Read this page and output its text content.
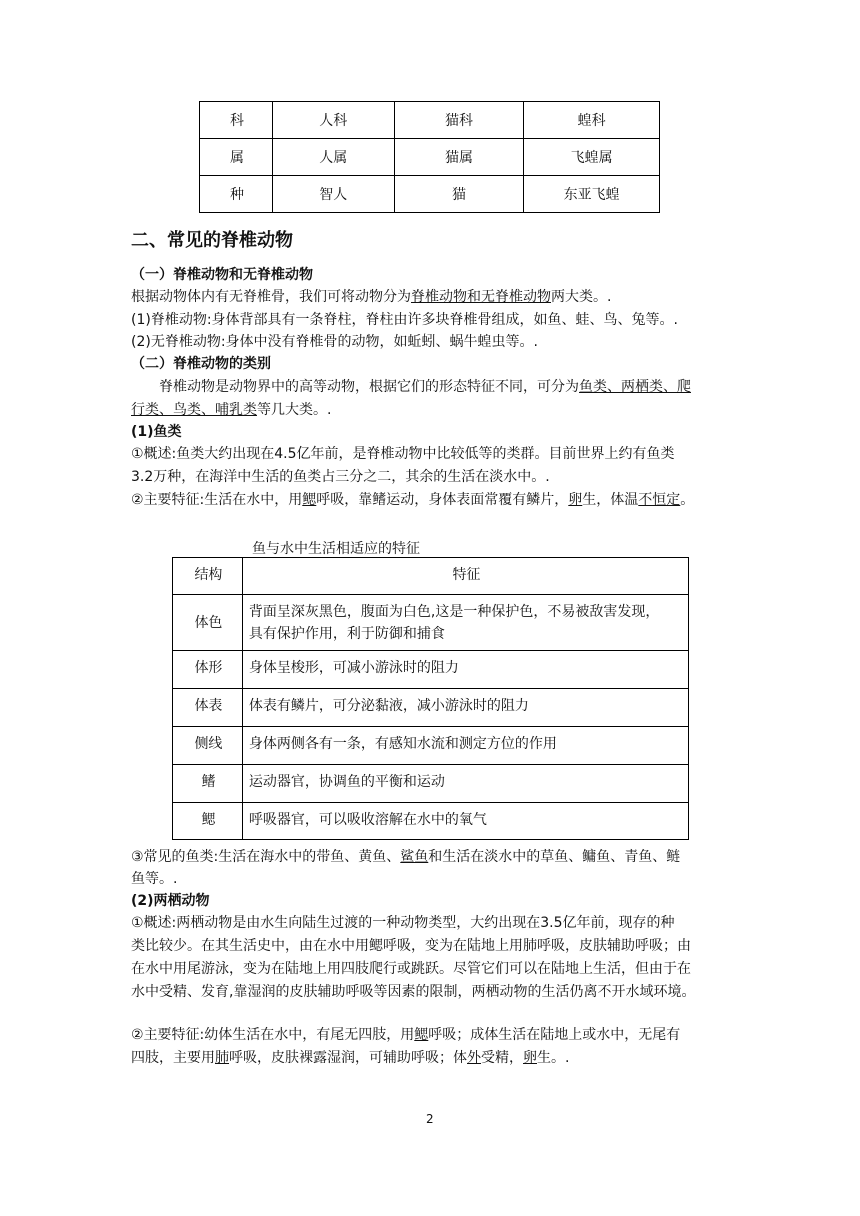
科	人科	猫科	蝗科
属	人属	猫属	飞蝗属
种	智人	猫	东亚飞蝗
二、常见的脊椎动物
（一）脊椎动物和无脊椎动物
根据动物体内有无脊椎骨，我们可将动物分为脊椎动物和无脊椎动物两大类。.
(1)脊椎动物:身体背部具有一条脊柱，脊柱由许多块脊椎骨组成，如鱼、蛙、鸟、兔等。.
(2)无脊椎动物:身体中没有脊椎骨的动物，如蚯蚓、蜗牛蝗虫等。.
（二）脊椎动物的类别
脊椎动物是动物界中的高等动物，根据它们的形态特征不同，可分为鱼类、两栖类、爬
行类、鸟类、哺乳类等几大类。.
(1)鱼类
①概述:鱼类大约出现在4.5亿年前，是脊椎动物中比较低等的类群。目前世界上约有鱼类
3.2万种，在海洋中生活的鱼类占三分之二，其余的生活在淡水中。.
②主要特征:生活在水中，用鳃呼吸，靠鳍运动，身体表面常覆有鳞片，卵生，体温不恒定。
鱼与水中生活相适应的特征
结构	特征
体色	背面呈深灰黑色，腹面为白色,这是一种保护色，不易被敌害发现，
具有保护作用，利于防御和捕食

体形	身体呈梭形，可减小游泳时的阻力
体表	体表有鳞片，可分泌黏液，减小游泳时的阻力
侧线	身体两侧各有一条，有感知水流和测定方位的作用
鳍	运动器官，协调鱼的平衡和运动
鳃	呼吸器官，可以吸收溶解在水中的氧气
③常见的鱼类:生活在海水中的带鱼、黄鱼、鲨鱼和生活在淡水中的草鱼、鳙鱼、青鱼、鲢
鱼等。.
(2)两栖动物
①概述:两栖动物是由水生向陆生过渡的一种动物类型，大约出现在3.5亿年前，现存的种
类比较少。在其生活史中，由在水中用鳃呼吸，变为在陆地上用肺呼吸，皮肤辅助呼吸；由
在水中用尾游泳，变为在陆地上用四肢爬行或跳跃。尽管它们可以在陆地上生活，但由于在
水中受精、发育,靠湿润的皮肤辅助呼吸等因素的限制，两栖动物的生活仍离不开水域环境。
②主要特征:幼体生活在水中，有尾无四肢，用鳃呼吸；成体生活在陆地上或水中，无尾有
四肢，主要用肺呼吸，皮肤裸露湿润，可辅助呼吸；体外受精，卵生。.
2
